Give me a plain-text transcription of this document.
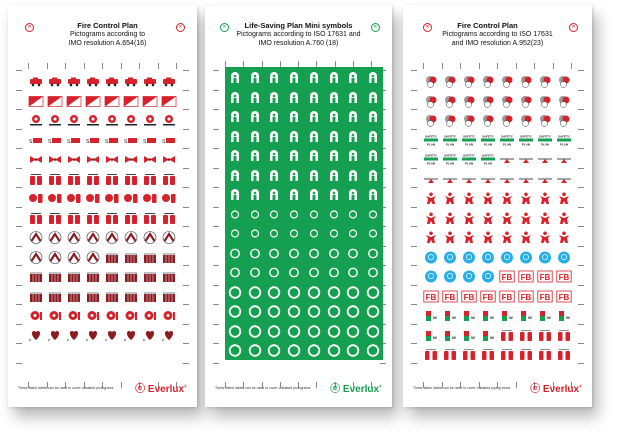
✕	✕
Fire Control Plan
Pictograms according to
IMO resolution A.654(16)
S	S	S	S	S	S	S	S
P	P	P	P	P	P	P	P
These blank labels can be used to cover outdated pictograms ⓔ Everlux®
✕	✕
Life-Saving Plan Mini symbols
Pictograms according to ISO 17631 and
IMO resolution A.760 (18)
These blank labels can be used to cover outdated pictograms ⓔ Everlux®
✕	✕
Fire Control Plan
Pictograms according to ISO 17631
and IMO resolution A.952(23)
SAFETY
PLAN
SAFETY
PLAN
SAFETY
PLAN
SAFETY
PLAN
SAFETY
PLAN
SAFETY
PLAN
SAFETY
PLAN
SAFETY
PLAN
SAFETY
PLAN
SAFETY
PLAN
SAFETY
PLAN
SAFETY
PLAN
FB FB FB FB
FB FB FB FB FB FB FB FB
W	W	W	W	W	W	W	W
W	W	W	W
These blank labels can be used to cover outdated piping views ⓔ Everlux®
